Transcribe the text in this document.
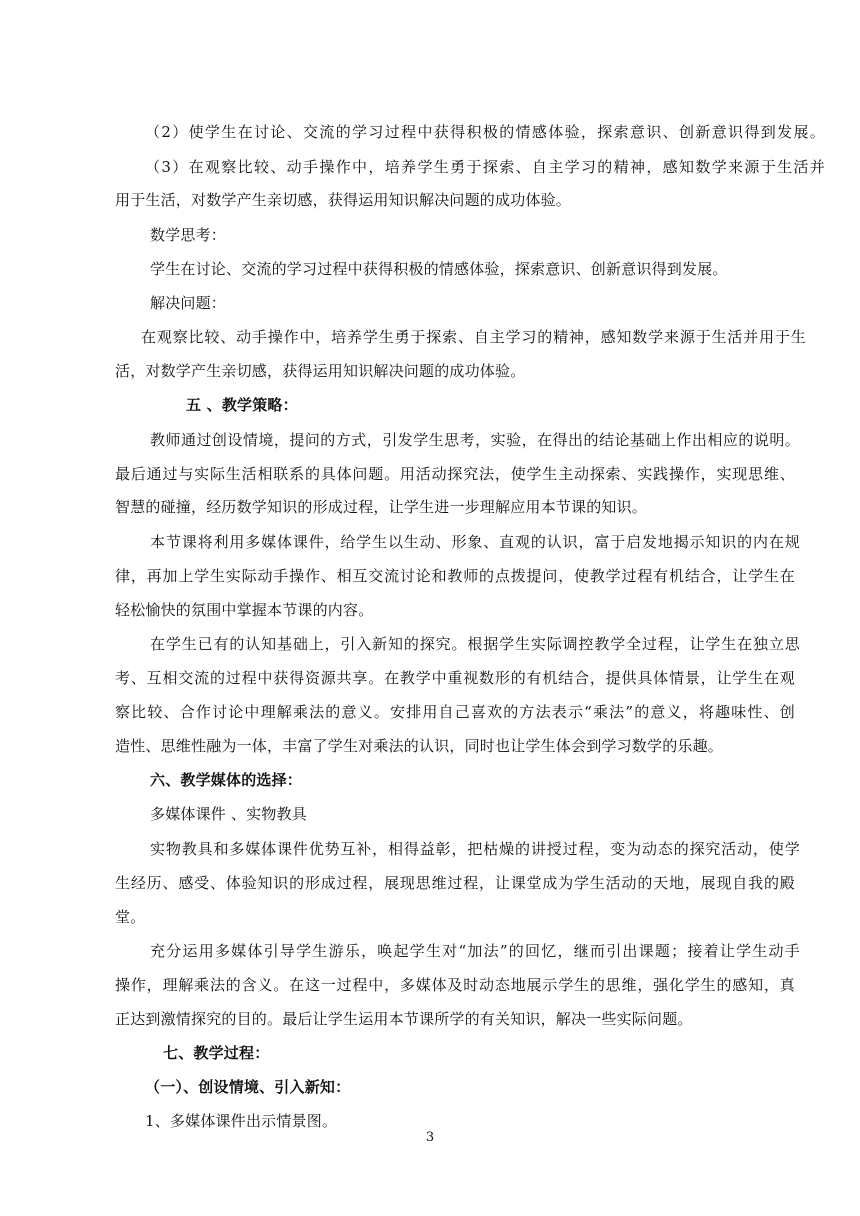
（2）使学生在讨论、交流的学习过程中获得积极的情感体验，探索意识、创新意识得到发展。

（3）在观察比较、动手操作中，培养学生勇于探索、自主学习的精神，感知数学来源于生活并

用于生活，对数学产生亲切感，获得运用知识解决问题的成功体验。

数学思考：

学生在讨论、交流的学习过程中获得积极的情感体验，探索意识、创新意识得到发展。

解决问题：

在观察比较、动手操作中，培养学生勇于探索、自主学习的精神，感知数学来源于生活并用于生

活，对数学产生亲切感，获得运用知识解决问题的成功体验。

五 、教学策略：

教师通过创设情境，提问的方式，引发学生思考，实验，在得出的结论基础上作出相应的说明。

最后通过与实际生活相联系的具体问题。用活动探究法，使学生主动探索、实践操作，实现思维、

智慧的碰撞，经历数学知识的形成过程，让学生进一步理解应用本节课的知识。

本节课将利用多媒体课件，给学生以生动、形象、直观的认识，富于启发地揭示知识的内在规

律，再加上学生实际动手操作、相互交流讨论和教师的点拨提问，使教学过程有机结合，让学生在

轻松愉快的氛围中掌握本节课的内容。

在学生已有的认知基础上，引入新知的探究。根据学生实际调控教学全过程，让学生在独立思

考、互相交流的过程中获得资源共享。在教学中重视数形的有机结合，提供具体情景，让学生在观

察比较、合作讨论中理解乘法的意义。安排用自己喜欢的方法表示“乘法”的意义，将趣味性、创

造性、思维性融为一体，丰富了学生对乘法的认识，同时也让学生体会到学习数学的乐趣。

六、教学媒体的选择：

多媒体课件 、实物教具

实物教具和多媒体课件优势互补，相得益彰，把枯燥的讲授过程，变为动态的探究活动，使学

生经历、感受、体验知识的形成过程，展现思维过程，让课堂成为学生活动的天地，展现自我的殿

堂。

充分运用多媒体引导学生游乐，唤起学生对“加法”的回忆，继而引出课题；接着让学生动手

操作，理解乘法的含义。在这一过程中，多媒体及时动态地展示学生的思维，强化学生的感知，真

正达到激情探究的目的。最后让学生运用本节课所学的有关知识，解决一些实际问题。

七、教学过程：

（一）、创设情境、引入新知：

1、多媒体课件出示情景图。

3
